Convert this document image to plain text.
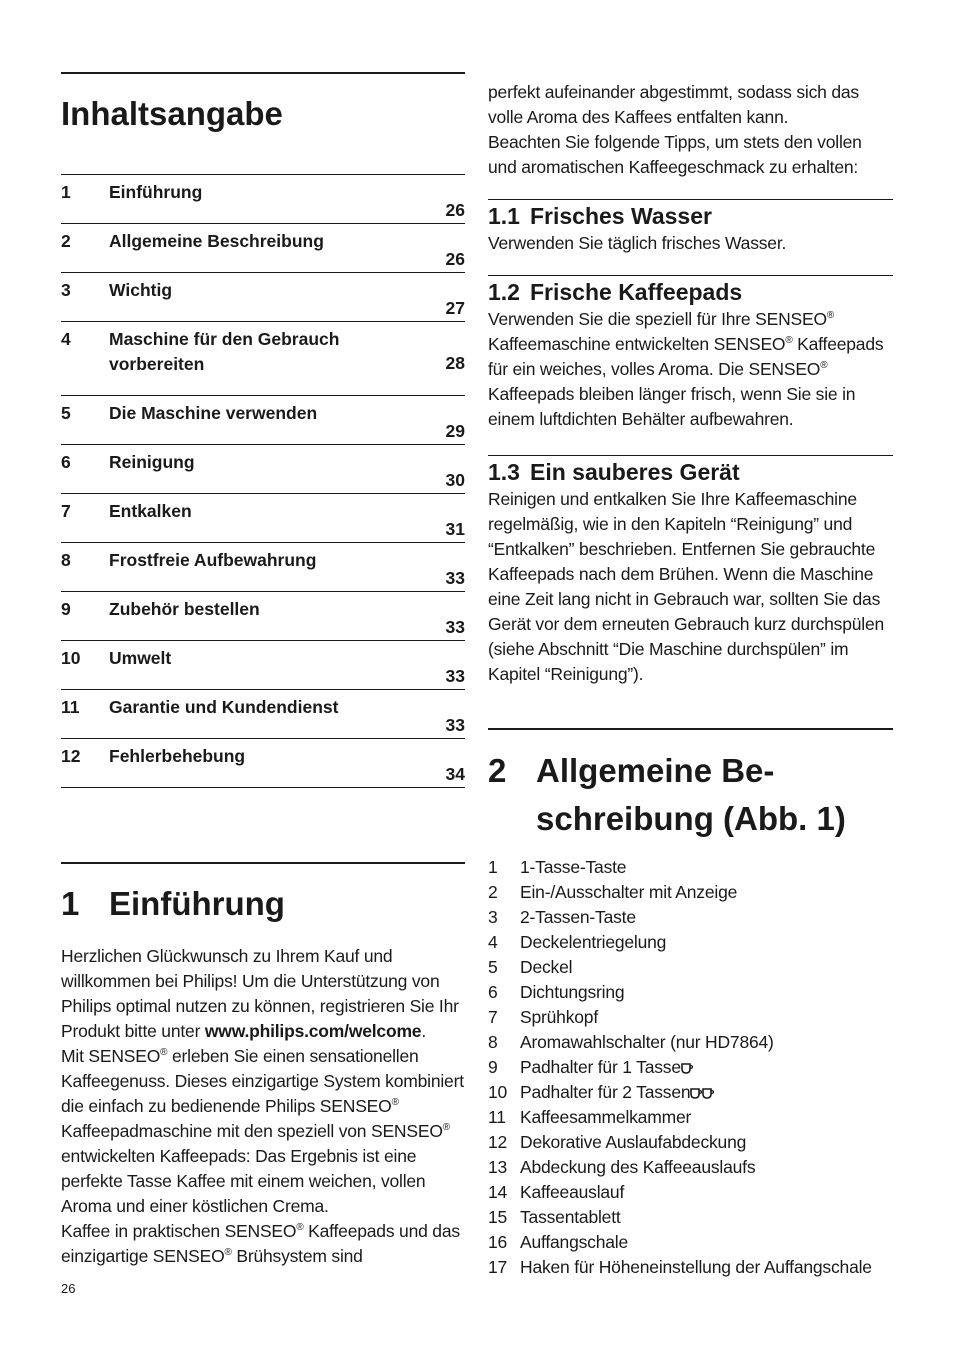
Inhaltsangabe
1	Einführung
26
2	Allgemeine Beschreibung
26
3	Wichtig
27
4	Maschine für den Gebrauch vorbereiten	28
5	Die Maschine verwenden
29
6	Reinigung
30
7	Entkalken
31
8	Frostfreie Aufbewahrung
33
9	Zubehör bestellen
33
10	Umwelt
33
11	Garantie und Kundendienst
33
12	Fehlerbehebung
34
1 Einführung

Herzlichen Glückwunsch zu Ihrem Kauf und willkommen bei Philips! Um die Unterstützung von Philips optimal nutzen zu können, registrieren Sie Ihr Produkt bitte unter www.philips.com/welcome.

Mit SENSEO® erleben Sie einen sensationellen Kaffeegenuss. Dieses einzigartige System kombiniert die einfach zu bedienende Philips SENSEO® Kaffeepadmaschine mit den speziell von SENSEO® entwickelten Kaffeepads: Das Ergebnis ist eine perfekte Tasse Kaffee mit einem weichen, vollen Aroma und einer köstlichen Crema.

Kaffee in praktischen SENSEO® Kaffeepads und das einzigartige SENSEO® Brühsystem sind

perfekt aufeinander abgestimmt, sodass sich das volle Aroma des Kaffees entfalten kann.

Beachten Sie folgende Tipps, um stets den vollen und aromatischen Kaffeegeschmack zu erhalten:

1.1 Frisches Wasser

Verwenden Sie täglich frisches Wasser.

1.2 Frische Kaffeepads

Verwenden Sie die speziell für Ihre SENSEO® Kaffeemaschine entwickelten SENSEO® Kaffeepads für ein weiches, volles Aroma. Die SENSEO® Kaffeepads bleiben länger frisch, wenn Sie sie in einem luftdichten Behälter aufbewahren.

1.3 Ein sauberes Gerät

Reinigen und entkalken Sie Ihre Kaffeemaschine regelmäßig, wie in den Kapiteln “Reinigung” und “Entkalken” beschrieben. Entfernen Sie gebrauchte Kaffeepads nach dem Brühen. Wenn die Maschine eine Zeit lang nicht in Gebrauch war, sollten Sie das Gerät vor dem erneuten Gebrauch kurz durchspülen (siehe Abschnitt “Die Maschine durchspülen” im Kapitel “Reinigung”).

2 Allgemeine Be-
schreibung (Abb. 1)
1	1-Tasse-Taste
2	Ein-/Ausschalter mit Anzeige
3	2-Tassen-Taste
4	Deckelentriegelung
5	Deckel
6	Dichtungsring
7	Sprühkopf
8	Aromawahlschalter (nur HD7864)
9	Padhalter für 1 Tasse
10 Padhalter für 2 Tassen
11 Kaffeesammelkammer
12 Dekorative Auslaufabdeckung
13 Abdeckung des Kaffeeauslaufs
14 Kaffeeauslauf
15 Tassentablett
16 Auffangschale
17 Haken für Höheneinstellung der Auffangschale
26
